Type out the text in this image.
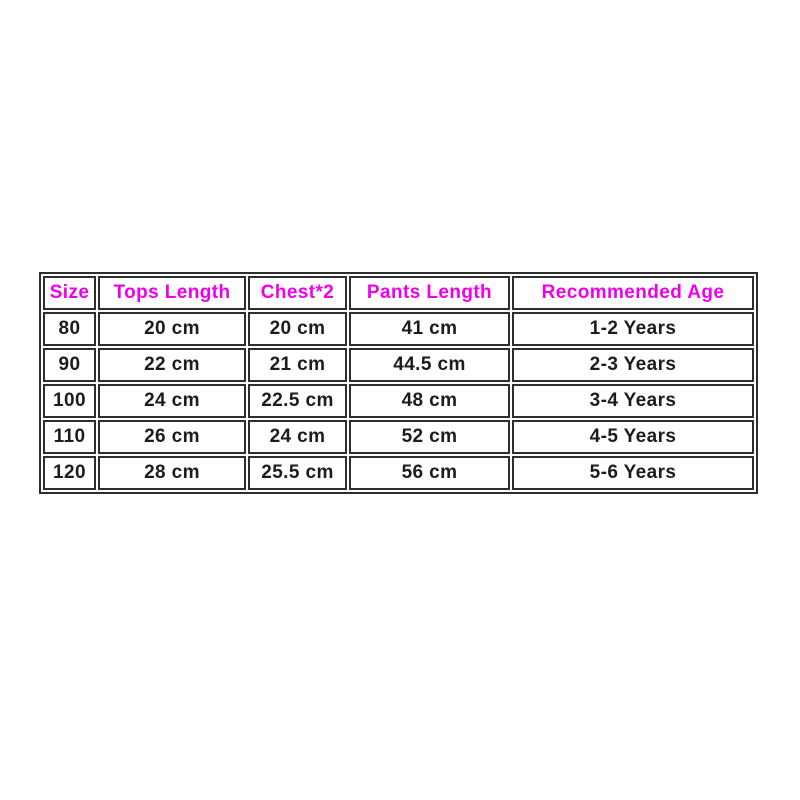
Size	Tops Length	Chest*2	Pants Length	Recommended Age
80	20 cm	20 cm	41 cm	1-2 Years
90	22 cm	21 cm	44.5 cm	2-3 Years
100	24 cm	22.5 cm	48 cm	3-4 Years
110	26 cm	24 cm	52 cm	4-5 Years
120	28 cm	25.5 cm	56 cm	5-6 Years
